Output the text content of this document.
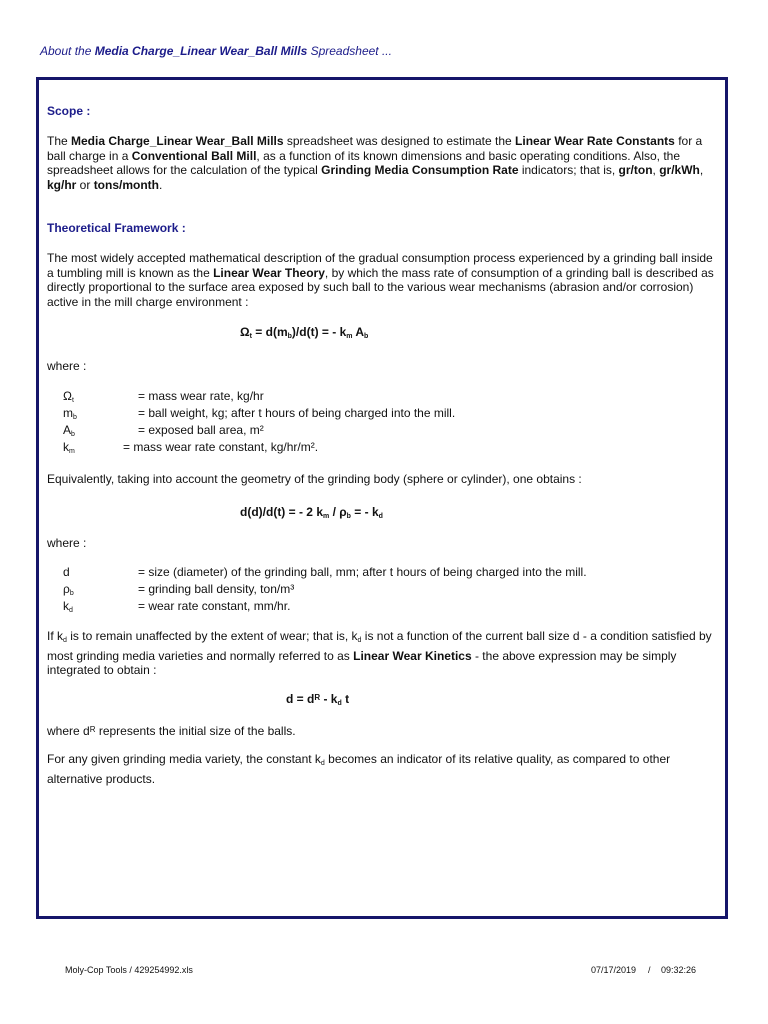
About the Media Charge_Linear Wear_Ball Mills Spreadsheet ...

Scope :

The Media Charge_Linear Wear_Ball Mills spreadsheet was designed to estimate the Linear Wear Rate Constants for a ball charge in a Conventional Ball Mill, as a function of its known dimensions and basic operating conditions. Also, the spreadsheet allows for the calculation of the typical Grinding Media Consumption Rate indicators; that is, gr/ton, gr/kWh, kg/hr or tons/month.

Theoretical Framework :

The most widely accepted mathematical description of the gradual consumption process experienced by a grinding ball inside a tumbling mill is known as the Linear Wear Theory, by which the mass rate of consumption of a grinding ball is described as directly proportional to the surface area exposed by such ball to the various wear mechanisms (abrasion and/or corrosion) active in the mill charge environment :

$\Omega_t = d(m_b)/d(t)$ = - $k_m$ $A_b$

where :

$\Omega_t$	= mass wear rate, kg/hr
$m_b$	= ball weight, kg; after t hours of being charged into the mill.
$A_b$	= exposed ball area, m²
$k_m$	= mass wear rate constant, kg/hr/m².

Equivalently, taking into account the geometry of the grinding body (sphere or cylinder), one obtains :

d(d)/d(t) = - 2 $k_m / \rho_b$ = - $k_d$

where :

d	= size (diameter) of the grinding ball, mm; after t hours of being charged into the mill.
$\rho_b$	= grinding ball density, ton/m³
$k_d$	= wear rate constant, mm/hr.

If $k_d$ is to remain unaffected by the extent of wear; that is, $k_d$ is not a function of the current ball size d - a condition satisfied by most grinding media varieties and normally referred to as Linear Wear Kinetics - the above expression may be simply integrated to obtain :

$d = d^R - k_d$ t

where $d^R$ represents the initial size of the balls.

For any given grinding media variety, the constant $k_d$ becomes an indicator of its relative quality, as compared to other alternative products.

Moly-Cop Tools / 429254992.xls	07/17/2019 / 09:32:26
